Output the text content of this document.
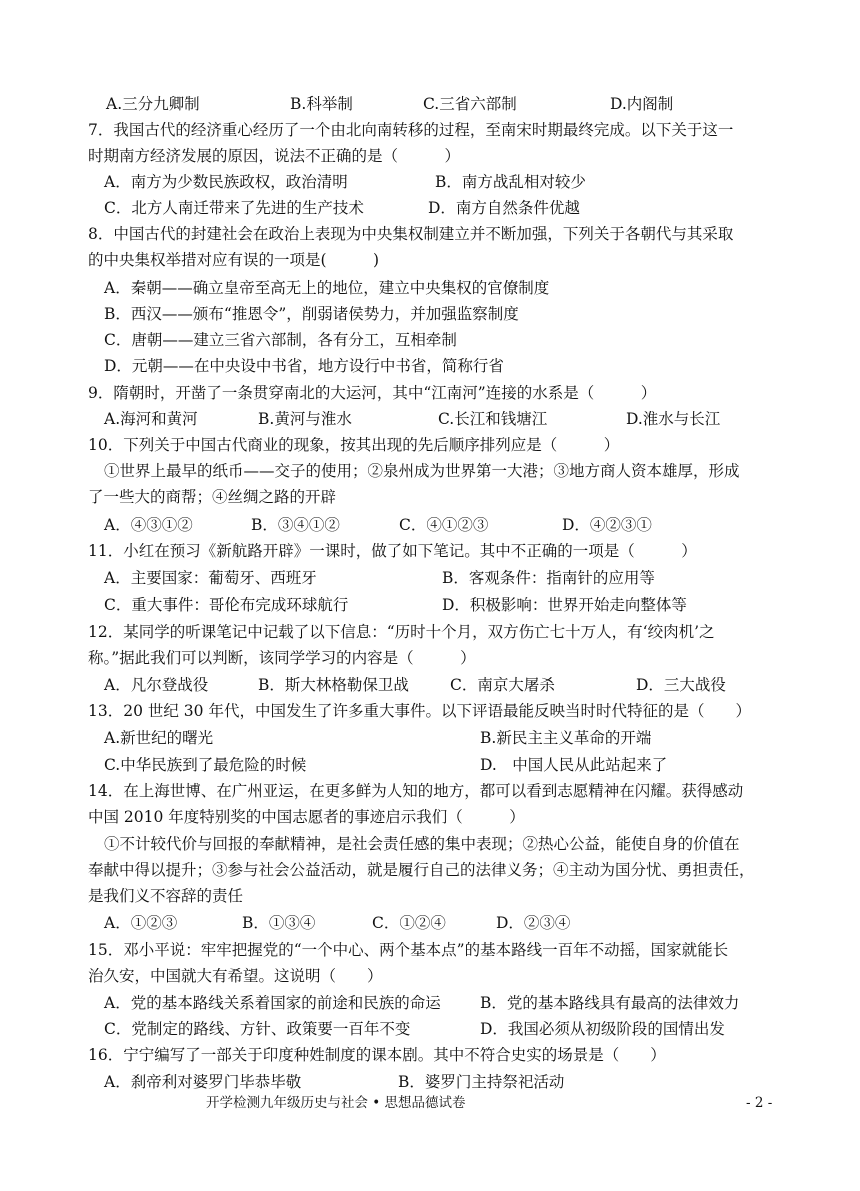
A.三分九卿制	B.科举制	C.三省六部制	D.内阁制
7．我国古代的经济重心经历了一个由北向南转移的过程，至南宋时期最终完成。以下关于这一
时期南方经济发展的原因，说法不正确的是（　　　）
A．南方为少数民族政权，政治清明	B．南方战乱相对较少
C．北方人南迁带来了先进的生产技术	D．南方自然条件优越
8．中国古代的封建社会在政治上表现为中央集权制建立并不断加强，下列关于各朝代与其采取
的中央集权举措对应有误的一项是(　　　)
A．秦朝——确立皇帝至高无上的地位，建立中央集权的官僚制度
B．西汉——颁布“推恩令”，削弱诸侯势力，并加强监察制度
C．唐朝——建立三省六部制，各有分工，互相牵制
D．元朝——在中央设中书省，地方设行中书省，简称行省
9．隋朝时，开凿了一条贯穿南北的大运河，其中“江南河”连接的水系是（　　　）
A.海河和黄河	B.黄河与淮水	C.长江和钱塘江	D.淮水与长江
10．下列关于中国古代商业的现象，按其出现的先后顺序排列应是（　　　）
①世界上最早的纸币——交子的使用；②泉州成为世界第一大港；③地方商人资本雄厚，形成
了一些大的商帮；④丝绸之路的开辟
A．④③①②	B．③④①②	C．④①②③	D．④②③①
11．小红在预习《新航路开辟》一课时，做了如下笔记。其中不正确的一项是（　　　）
A．主要国家：葡萄牙、西班牙	B．客观条件：指南针的应用等
C．重大事件：哥伦布完成环球航行	D．积极影响：世界开始走向整体等
12．某同学的听课笔记中记载了以下信息：“历时十个月，双方伤亡七十万人，有‘绞肉机’之
称。”据此我们可以判断，该同学学习的内容是（　　　）
A．凡尔登战役	B．斯大林格勒保卫战	C．南京大屠杀	D．三大战役
13．20 世纪 30 年代，中国发生了许多重大事件。以下评语最能反映当时时代特征的是（　　）
A.新世纪的曙光	B.新民主主义革命的开端
C.中华民族到了最危险的时候	D.　中国人民从此站起来了
14．在上海世博、在广州亚运，在更多鲜为人知的地方，都可以看到志愿精神在闪耀。获得感动
中国 2010 年度特别奖的中国志愿者的事迹启示我们（　　　）
①不计较代价与回报的奉献精神，是社会责任感的集中表现；②热心公益，能使自身的价值在
奉献中得以提升；③参与社会公益活动，就是履行自己的法律义务；④主动为国分忧、勇担责任，
是我们义不容辞的责任
A．①②③	B．①③④	C．①②④	D．②③④
15．邓小平说：牢牢把握党的“一个中心、两个基本点”的基本路线一百年不动摇，国家就能长
治久安，中国就大有希望。这说明（　　）
A．党的基本路线关系着国家的前途和民族的命运	B．党的基本路线具有最高的法律效力
C．党制定的路线、方针、政策要一百年不变	D．我国必须从初级阶段的国情出发
16．宁宁编写了一部关于印度种姓制度的课本剧。其中不符合史实的场景是（　　）
A．刹帝利对婆罗门毕恭毕敬	B．婆罗门主持祭祀活动
开学检测九年级历史与社会 • 思想品德试卷	- 2 -
